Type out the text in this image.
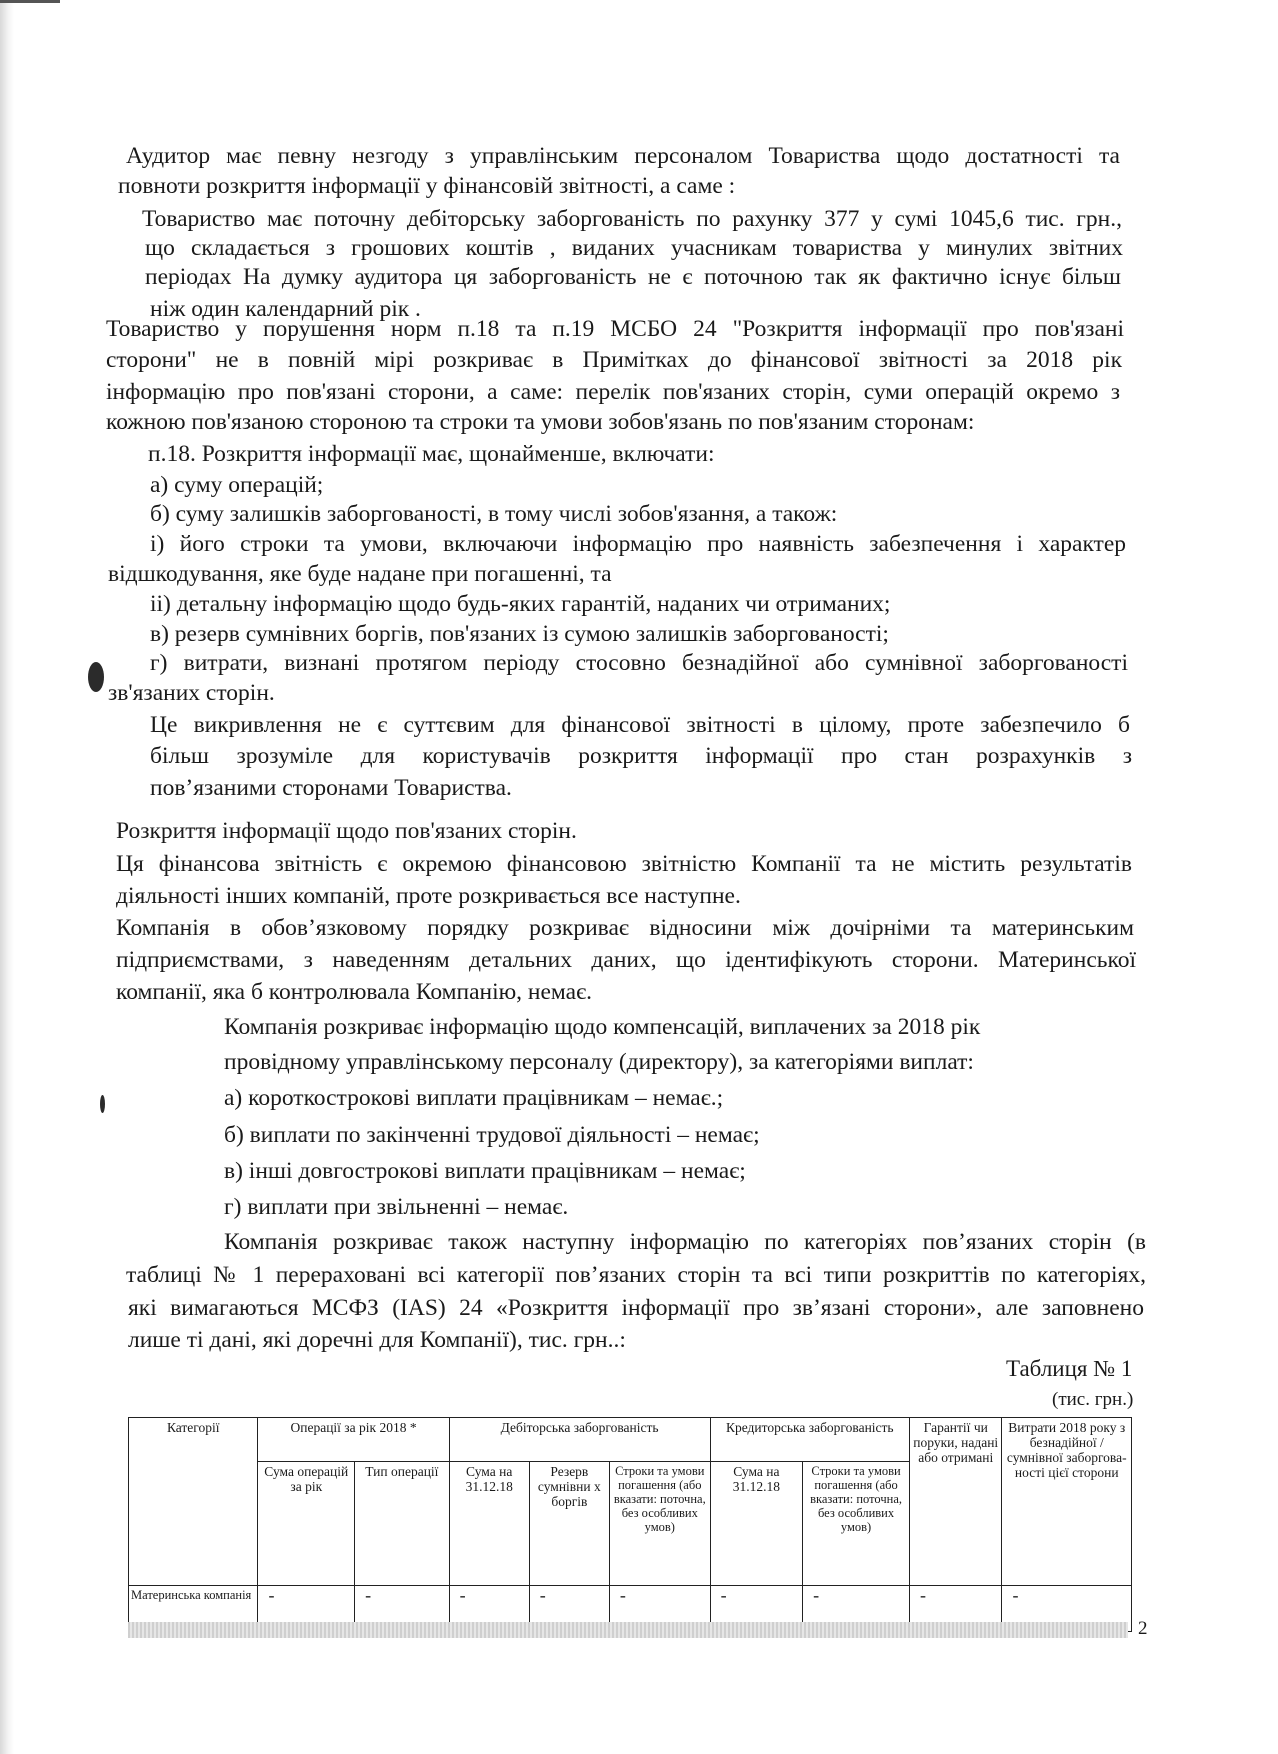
Аудитор має певну незгоду з управлінським персоналом Товариства щодо достатності та
повноти розкриття інформації у фінансовій звітності, а саме :
Товариство має поточну дебіторську заборгованість по рахунку 377 у сумі 1045,6 тис. грн.,
що складається з грошових коштів , виданих учасникам товариства у минулих звітних
періодах На думку аудитора ця заборгованість не є поточною так як фактично існує більш
ніж один календарний рік .
Товариство у порушення норм п.18 та п.19 МСБО 24 "Розкриття інформації про пов'язані
сторони" не в повній мірі розкриває в Примітках до фінансової звітності за 2018 рік
інформацію про пов'язані сторони, а саме: перелік пов'язаних сторін, суми операцій окремо з
кожною пов'язаною стороною та строки та умови зобов'язань по пов'язаним сторонам:
п.18. Розкриття інформації має, щонайменше, включати:
а) суму операцій;
б) суму залишків заборгованості, в тому числі зобов'язання, а також:
і) його строки та умови, включаючи інформацію про наявність забезпечення і характер
відшкодування, яке буде надане при погашенні, та
іі) детальну інформацію щодо будь-яких гарантій, наданих чи отриманих;
в) резерв сумнівних боргів, пов'язаних із сумою залишків заборгованості;
г) витрати, визнані протягом періоду стосовно безнадійної або сумнівної заборгованості
зв'язаних сторін.
Це викривлення не є суттєвим для фінансової звітності в цілому, проте забезпечило б
більш зрозуміле для користувачів розкриття інформації про стан розрахунків з
пов’язаними сторонами Товариства.
Розкриття інформації щодо пов'язаних сторін.
Ця фінансова звітність є окремою фінансовою звітністю Компанії та не містить результатів
діяльності інших компаній, проте розкривається все наступне.
Компанія в обов’язковому порядку розкриває відносини між дочірніми та материнським
підприємствами, з наведенням детальних даних, що ідентифікують сторони. Материнської
компанії, яка б контролювала Компанію, немає.
Компанія розкриває інформацію щодо компенсацій, виплачених за 2018 рік
провідному управлінському персоналу (директору), за категоріями виплат:
а) короткострокові виплати працівникам – немає.;
б) виплати по закінченні трудової діяльності – немає;
в) інші довгострокові виплати працівникам – немає;
г) виплати при звільненні – немає.
Компанія розкриває також наступну інформацію по категоріях пов’язаних сторін (в
таблиці № 1 перераховані всі категорії пов’язаних сторін та всі типи розкриттів по категоріях,
які вимагаються МСФЗ (IAS) 24 «Розкриття інформації про зв’язані сторони», але заповнено
лише ті дані, які доречні для Компанії), тис. грн..:
Таблиця № 1
(тис. грн.)
Категорії	Операції за рік 2018 *		Дебіторська заборгованість			Кредиторська заборгованість		Гарантії чи поруки, надані або отримані	Витрати 2018 року з безнадійної / сумнівної заборгова-ності цієї сторони
	Сума операцій за рік	Тип операції	Сума на 31.12.18	Резерв сумнівни х боргів	Строки та умови погашення (або вказати: поточна, без особливих умов)	Сума на 31.12.18	Строки та умови погашення (або вказати: поточна, без особливих умов)		
Материнська компанія	-	-	-	-	-	-	-	-	-
2
